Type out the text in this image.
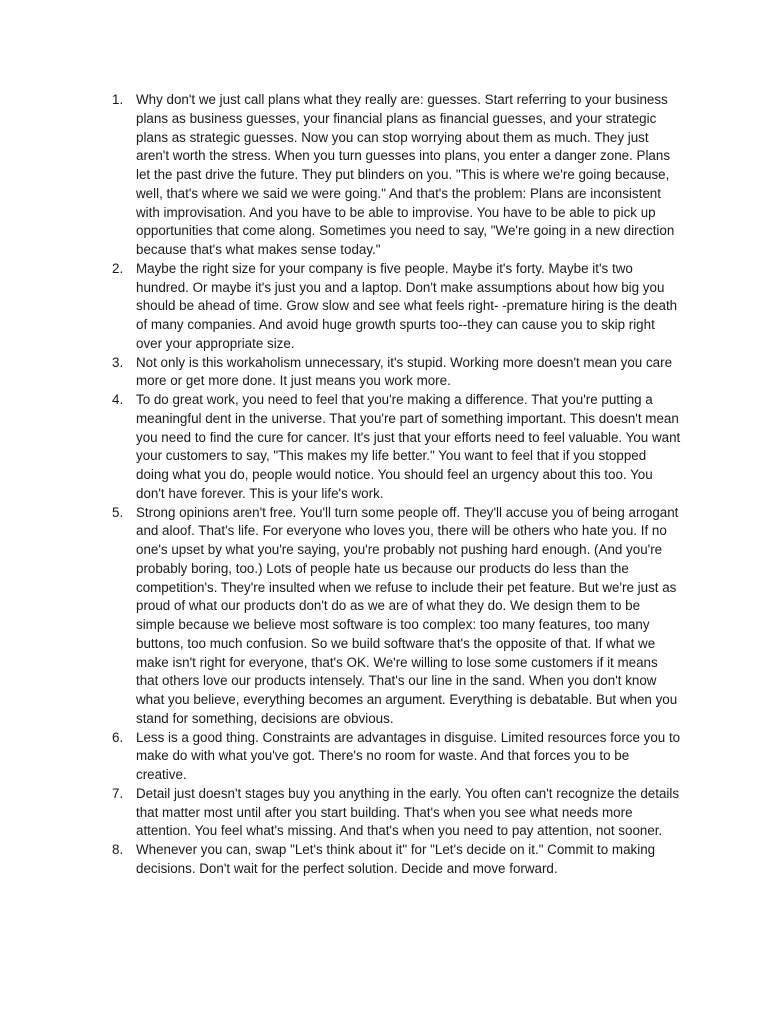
1. Why don't we just call plans what they really are: guesses. Start referring to your business plans as business guesses, your financial plans as financial guesses, and your strategic plans as strategic guesses. Now you can stop worrying about them as much. They just aren't worth the stress. When you turn guesses into plans, you enter a danger zone. Plans let the past drive the future. They put blinders on you. "This is where we're going because, well, that's where we said we were going." And that's the problem: Plans are inconsistent with improvisation. And you have to be able to improvise. You have to be able to pick up opportunities that come along. Sometimes you need to say, "We're going in a new direction because that's what makes sense today."
2. Maybe the right size for your company is five people. Maybe it's forty. Maybe it's two hundred. Or maybe it's just you and a laptop. Don't make assumptions about how big you should be ahead of time. Grow slow and see what feels right- -premature hiring is the death of many companies. And avoid huge growth spurts too--they can cause you to skip right over your appropriate size.
3. Not only is this workaholism unnecessary, it's stupid. Working more doesn't mean you care more or get more done. It just means you work more.
4. To do great work, you need to feel that you're making a difference. That you're putting a meaningful dent in the universe. That you're part of something important. This doesn't mean you need to find the cure for cancer. It's just that your efforts need to feel valuable. You want your customers to say, "This makes my life better." You want to feel that if you stopped doing what you do, people would notice. You should feel an urgency about this too. You don't have forever. This is your life's work.
5. Strong opinions aren't free. You'll turn some people off. They'll accuse you of being arrogant and aloof. That's life. For everyone who loves you, there will be others who hate you. If no one's upset by what you're saying, you're probably not pushing hard enough. (And you're probably boring, too.) Lots of people hate us because our products do less than the competition's. They're insulted when we refuse to include their pet feature. But we're just as proud of what our products don't do as we are of what they do. We design them to be simple because we believe most software is too complex: too many features, too many buttons, too much confusion. So we build software that's the opposite of that. If what we make isn't right for everyone, that's OK. We're willing to lose some customers if it means that others love our products intensely. That's our line in the sand. When you don't know what you believe, everything becomes an argument. Everything is debatable. But when you stand for something, decisions are obvious.
6. Less is a good thing. Constraints are advantages in disguise. Limited resources force you to make do with what you've got. There's no room for waste. And that forces you to be creative.
7. Detail just doesn't stages buy you anything in the early. You often can't recognize the details that matter most until after you start building. That's when you see what needs more attention. You feel what's missing. And that's when you need to pay attention, not sooner.
8. Whenever you can, swap "Let's think about it" for "Let's decide on it." Commit to making decisions. Don't wait for the perfect solution. Decide and move forward.
